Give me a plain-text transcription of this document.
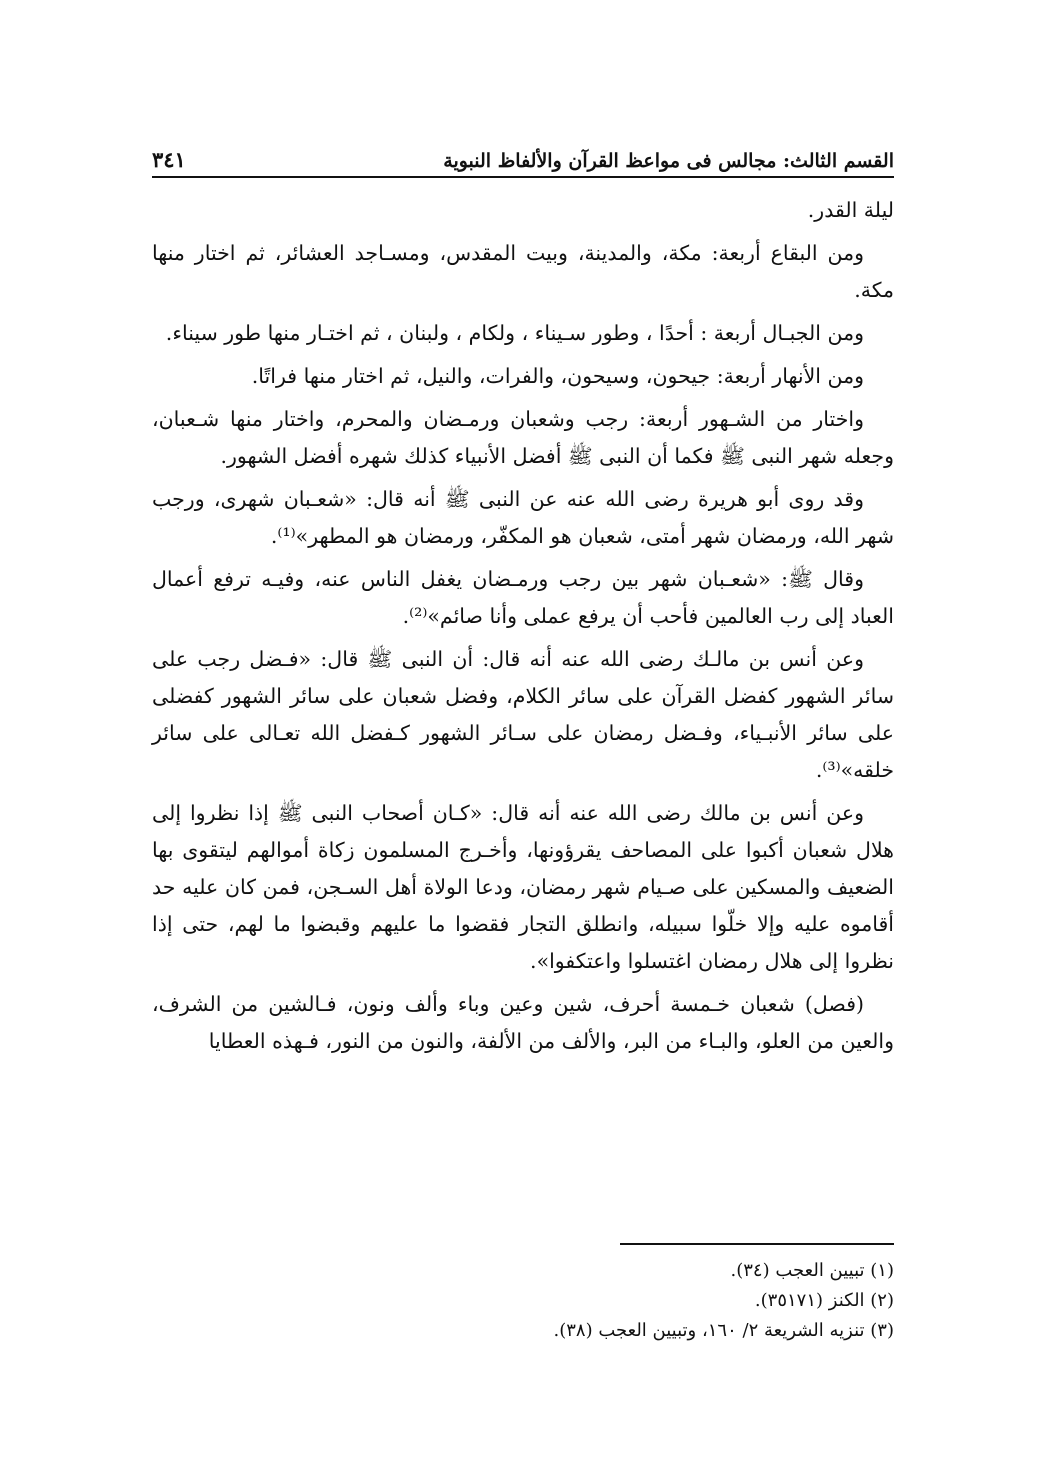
القسم الثالث: مجالس فى مواعظ القرآن والألفاظ النبوية
٣٤١

ليلة القدر.

ومن البقاع أربعة: مكة، والمدينة، وبيت المقدس، ومسـاجد العشائر، ثم اختار منها مكة.

ومن الجبـال أربعة : أحدًا ، وطور سـيناء ، ولكام ، ولبنان ، ثم اختـار منها طور سيناء.

ومن الأنهار أربعة: جيحون، وسيحون، والفرات، والنيل، ثم اختار منها فراتًا.

واختار من الشـهور أربعة: رجب وشعبان ورمـضان والمحرم، واختار منها شـعبان، وجعله شهر النبى ﷺ فكما أن النبى ﷺ أفضل الأنبياء كذلك شهره أفضل الشهور.

وقد روى أبو هريرة رضى الله عنه عن النبى ﷺ أنه قال: «شعـبان شهرى، ورجب شهر الله، ورمضان شهر أمتى، شعبان هو المكفّر، ورمضان هو المطهر»⁽¹⁾.

وقال ﷺ: «شعـبان شهر بين رجب ورمـضان يغفل الناس عنه، وفيـه ترفع أعمال العباد إلى رب العالمين فأحب أن يرفع عملى وأنا صائم»⁽²⁾.

وعن أنس بن مالـك رضى الله عنه أنه قال: أن النبى ﷺ قال: «فـضل رجب على سائر الشهور كفضل القرآن على سائر الكلام، وفضل شعبان على سائر الشهور كفضلى على سائر الأنبـياء، وفـضل رمضان على سـائر الشهور كـفضل الله تعـالى على سائر خلقه»⁽³⁾.

وعن أنس بن مالك رضى الله عنه أنه قال: «كـان أصحاب النبى ﷺ إذا نظروا إلى هلال شعبان أكبوا على المصاحف يقرؤونها، وأخـرج المسلمون زكاة أموالهم ليتقوى بها الضعيف والمسكين على صـيام شهر رمضان، ودعا الولاة أهل السـجن، فمن كان عليه حد أقاموه عليه وإلا خلّوا سبيله، وانطلق التجار فقضوا ما عليهم وقبضوا ما لهم، حتى إذا نظروا إلى هلال رمضان اغتسلوا واعتكفوا».

(فصل) شعبان خـمسة أحرف، شين وعين وباء وألف ونون، فـالشين من الشرف، والعين من العلو، والبـاء من البر، والألف من الألفة، والنون من النور، فـهذه العطايا

(١) تبيين العجب (٣٤).
(٢) الكنز (٣٥١٧١).
(٣) تنزيه الشريعة ٢/ ١٦٠، وتبيين العجب (٣٨).
